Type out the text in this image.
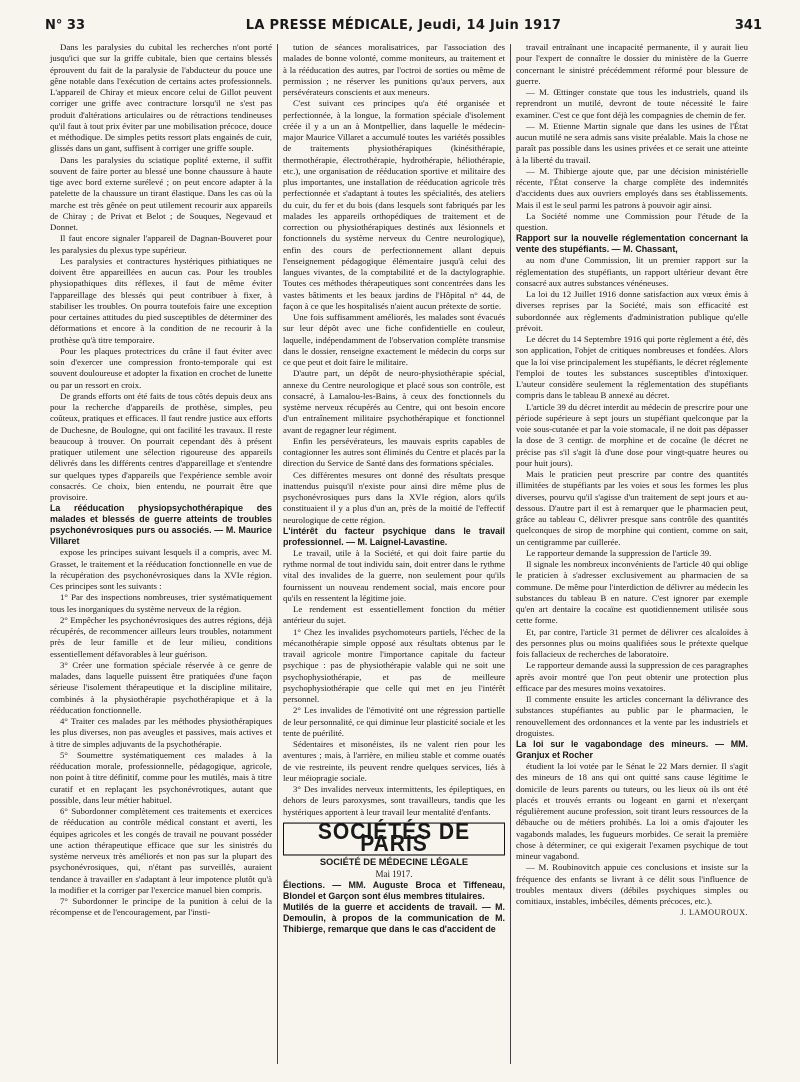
N° 33	LA PRESSE MÉDICALE, Jeudi, 14 Juin 1917	341

Dans les paralysies du cubital les recherches n'ont porté jusqu'ici que sur la griffe cubitale, bien que certains blessés éprouvent du fait de la paralysie de l'abducteur du pouce une gêne notable dans l'exécution de certains actes professionnels. L'appareil de Chiray et mieux encore celui de Gillot peuvent corriger une griffe avec contracture lorsqu'il ne s'est pas produit d'altérations articulaires ou de rétractions tendineuses qu'il faut à tout prix éviter par une mobilisation précoce, douce et méthodique. De simples petits ressort plats engainés de cuir, glissés dans un gant, suffisent à corriger une griffe souple.

Dans les paralysies du sciatique poplité externe, il suffit souvent de faire porter au blessé une bonne chaussure à haute tige avec bord externe surélevé ; on peut encore adapter à la patelette de la chaussure un tirant élastique. Dans les cas où la marche est très gênée on peut utilement recourir aux appareils de Chiray ; de Privat et Belot ; de Souques, Negevaud et Donnet.

Il faut encore signaler l'appareil de Dagnan-Bouveret pour les paralysies du plexus type supérieur.

Les paralysies et contractures hystériques pithiatiques ne doivent être appareillées en aucun cas. Pour les troubles physiopathiques dits réflexes, il faut de même éviter l'appareillage des blessés qui peut contribuer à fixer, à stabiliser les troubles. On pourra toutefois faire une exception pour certaines attitudes du pied susceptibles de déterminer des déformations et encore à la condition de ne recourir à la prothèse qu'à titre temporaire.

Pour les plaques protectrices du crâne il faut éviter avec soin d'exercer une compression fronto-temporale qui est souvent douloureuse et adopter la fixation en crochet de lunette ou par un ressort en croix.

De grands efforts ont été faits de tous côtés depuis deux ans pour la recherche d'appareils de prothèse, simples, peu coûteux, pratiques et efficaces. Il faut rendre justice aux efforts de Duchesne, de Boulogne, qui ont facilité les travaux. Il reste beaucoup à trouver. On pourrait cependant dès à présent pratiquer utilement une sélection rigoureuse des appareils délivrés dans les différents centres d'appareillage et s'entendre sur quelques types d'appareils que l'expérience semble avoir consacrés. Ce choix, bien entendu, ne pourrait être que provisoire.

La rééducation physiopsychothérapique des malades et blessés de guerre atteints de troubles psychonévrosiques purs ou associés. — M. Maurice Villaret

expose les principes suivant lesquels il a compris, avec M. Grasset, le traitement et la rééducation fonctionnelle en vue de la récupération des psychonévrosiques dans la XVIe région. Ces principes sont les suivants :

1° Par des inspections nombreuses, trier systématiquement tous les inorganiques du système nerveux de la région.

2° Empêcher les psychonévrosiques des autres régions, déjà récupérés, de recommencer ailleurs leurs troubles, notamment près de leur famille et de leur milieu, conditions essentiellement défavorables à leur guérison.

3° Créer une formation spéciale réservée à ce genre de malades, dans laquelle puissent être pratiquées d'une façon sérieuse l'isolement thérapeutique et la discipline militaire, combinés à la physiothérapie psychothérapique et à la rééducation fonctionnelle.

4° Traiter ces malades par les méthodes physiothérapiques les plus diverses, non pas aveugles et passives, mais actives et à titre de simples adjuvants de la psychothérapie.

5° Soumettre systématiquement ces malades à la rééducation morale, professionnelle, pédagogique, agricole, non point à titre définitif, comme pour les mutilés, mais à titre curatif et en replaçant les psychonévrotiques, autant que possible, dans leur métier habituel.

6° Subordonner complètement ces traitements et exercices de rééducation au contrôle médical constant et averti, les équipes agricoles et les congés de travail ne pouvant posséder une action thérapeutique efficace que sur les sinistrés du système nerveux très améliorés et non pas sur la plupart des psychonévrosiques, qui, n'étant pas surveillés, auraient tendance à travailler en s'adaptant à leur impotence plutôt qu'à la modifier et la corriger par l'exercice manuel bien compris.

7° Subordonner le principe de la punition à celui de la récompense et de l'encouragement, par l'insti-

tution de séances moralisatrices, par l'association des malades de bonne volonté, comme moniteurs, au traitement et à la rééducation des autres, par l'octroi de sorties ou même de permission ; ne réserver les punitions qu'aux pervers, aux persévérateurs conscients et aux meneurs.

C'est suivant ces principes qu'a été organisée et perfectionnée, à la longue, la formation spéciale d'isolement créée il y a un an à Montpellier, dans laquelle le médecin-major Maurice Villaret a accumulé toutes les variétés possibles de traitements physiothérapiques (kinésithérapie, thermothérapie, électrothérapie, hydrothérapie, héliothérapie, etc.), une organisation de rééducation sportive et militaire des plus importantes, une installation de rééducation agricole très perfectionnée et s'adaptant à toutes les spécialités, des ateliers du cuir, du fer et du bois (dans lesquels sont fabriqués par les malades les appareils orthopédiques de traitement et de correction ou physiothérapiques destinés aux lésionnels et fonctionnels du système nerveux du Centre neurologique), enfin des cours de perfectionnement allant depuis l'enseignement pédagogique élémentaire jusqu'à celui des langues vivantes, de la comptabilité et de la dactylographie. Toutes ces méthodes thérapeutiques sont concentrées dans les vastes bâtiments et les beaux jardins de l'Hôpital n° 44, de façon à ce que les hospitalisés n'aient aucun prétexte de sortie.

Une fois suffisamment améliorés, les malades sont évacués sur leur dépôt avec une fiche confidentielle en couleur, laquelle, indépendamment de l'observation complète transmise dans le dossier, renseigne exactement le médecin du corps sur ce que peut et doit faire le militaire.

D'autre part, un dépôt de neuro-physiothérapie spécial, annexe du Centre neurologique et placé sous son contrôle, est consacré, à Lamalou-les-Bains, à ceux des fonctionnels du système nerveux récupérés au Centre, qui ont besoin encore d'un entraînement militaire psychothérapique et fonctionnel avant de regagner leur régiment.

Enfin les persévérateurs, les mauvais esprits capables de contagionner les autres sont éliminés du Centre et placés par la direction du Service de Santé dans des formations spéciales.

Ces différentes mesures ont donné des résultats presque inattendus puisqu'il n'existe pour ainsi dire même plus de psychonévrosiques purs dans la XVIe région, alors qu'ils constituaient il y a plus d'un an, près de la moitié de l'effectif neurologique de cette région.

L'intérêt du facteur psychique dans le travail professionnel. — M. Laignel-Lavastine.

Le travail, utile à la Société, et qui doit faire partie du rythme normal de tout individu sain, doit entrer dans le rythme vital des invalides de la guerre, non seulement pour qu'ils fournissent un nouveau rendement social, mais encore pour qu'ils en ressentent la légitime joie.

Le rendement est essentiellement fonction du métier antérieur du sujet.

1° Chez les invalides psychomoteurs partiels, l'échec de la mécanothérapie simple opposé aux résultats obtenus par le travail agricole montre l'importance capitale du facteur psychique : pas de physiothérapie valable qui ne soit une psychophysiothérapie, et pas de meilleure psychophysiothérapie que celle qui met en jeu l'intérêt personnel.

2° Les invalides de l'émotivité ont une régression partielle de leur personnalité, ce qui diminue leur plasticité sociale et les tente de puérilité.

Sédentaires et misonéistes, ils ne valent rien pour les aventures ; mais, à l'arrière, en milieu stable et comme ouatés de vie restreinte, ils peuvent rendre quelques services, liés à leur méiopragie sociale.

3° Des invalides nerveux intermittents, les épileptiques, en dehors de leurs paroxysmes, sont travailleurs, tandis que les hystériques apportent à leur travail leur mentalité d'enfants.

SOCIÉTÉS DE PARIS

SOCIÉTÉ DE MÉDECINE LÉGALE

Mai 1917.

Élections. — MM. Auguste Broca et Tiffeneau, Blondel et Garçon sont élus membres titulaires.

Mutilés de la guerre et accidents de travail. — M. Demoulin, à propos de la communication de M. Thibierge, remarque que dans le cas d'accident de

travail entraînant une incapacité permanente, il y aurait lieu pour l'expert de connaître le dossier du ministère de la Guerre concernant le sinistré précédemment réformé pour blessure de guerre.

— M. Œttinger constate que tous les industriels, quand ils reprendront un mutilé, devront de toute nécessité le faire examiner. C'est ce que font déjà les compagnies de chemin de fer.

— M. Etienne Martin signale que dans les usines de l'État aucun mutilé ne sera admis sans visite préalable. Mais la chose ne paraît pas possible dans les usines privées et ce serait une atteinte à la liberté du travail.

— M. Thibierge ajoute que, par une décision ministérielle récente, l'État conserve la charge complète des indemnités d'accidents dues aux ouvriers employés dans ses établissements. Mais il est le seul parmi les patrons à pouvoir agir ainsi.

La Société nomme une Commission pour l'étude de la question.

Rapport sur la nouvelle réglementation concernant la vente des stupéfiants. — M. Chassant,

au nom d'une Commission, lit un premier rapport sur la réglementation des stupéfiants, un rapport ultérieur devant être consacré aux autres substances vénéneuses.

La loi du 12 Juillet 1916 donne satisfaction aux vœux émis à diverses reprises par la Société, mais son efficacité est subordonnée aux règlements d'administration publique qu'elle prévoit.

Le décret du 14 Septembre 1916 qui porte règlement a été, dès son application, l'objet de critiques nombreuses et fondées. Alors que la loi vise principalement les stupéfiants, le décret réglemente l'emploi de toutes les substances susceptibles d'intoxiquer. L'auteur considère seulement la réglementation des stupéfiants compris dans le tableau B annexé au décret.

L'article 39 du décret interdit au médecin de prescrire pour une période supérieure à sept jours un stupéfiant quelconque par la voie sous-cutanée et par la voie stomacale, il ne doit pas dépasser la dose de 3 centigr. de morphine et de cocaïne (le décret ne précise pas s'il s'agit là d'une dose pour vingt-quatre heures ou pour huit jours).

Mais le praticien peut prescrire par contre des quantités illimitées de stupéfiants par les voies et sous les formes les plus diverses, pourvu qu'il s'agisse d'un traitement de sept jours et au-dessous. D'autre part il est à remarquer que le pharmacien peut, grâce au tableau C, délivrer presque sans contrôle des quantités quelconques de sirop de morphine qui contient, comme on sait, un centigramme par cuillerée.

Le rapporteur demande la suppression de l'article 39.

Il signale les nombreux inconvénients de l'article 40 qui oblige le praticien à s'adresser exclusivement au pharmacien de sa commune. De même pour l'interdiction de délivrer au médecin les substances du tableau B en nature. C'est ignorer par exemple qu'en art dentaire la cocaïne est quotidiennement utilisée sous cette forme.

Et, par contre, l'article 31 permet de délivrer ces alcaloïdes à des personnes plus ou moins qualifiées sous le prétexte quelque fois fallacieux de recherches de laboratoire.

Le rapporteur demande aussi la suppression de ces paragraphes après avoir montré que l'on peut obtenir une protection plus efficace par des mesures moins vexatoires.

Il commente ensuite les articles concernant la délivrance des substances stupéfiantes au public par le pharmacien, le renouvellement des ordonnances et la vente par les industriels et droguistes.

La loi sur le vagabondage des mineurs. — MM. Granjux et Rocher

étudient la loi votée par le Sénat le 22 Mars dernier. Il s'agit des mineurs de 18 ans qui ont quitté sans cause légitime le domicile de leurs parents ou tuteurs, ou les lieux où ils ont été placés et trouvés errants ou logeant en garni et n'exerçant régulièrement aucune profession, soit tirant leurs ressources de la débauche ou de métiers prohibés. La loi a omis d'ajouter les vagabonds malades, les fugueurs morbides. Ce serait la première chose à déterminer, ce qui exigerait l'examen psychique de tout mineur vagabond.

— M. Roubinovitch appuie ces conclusions et insiste sur la fréquence des enfants se livrant à ce délit sous l'influence de troubles mentaux divers (débiles psychiques simples ou comitiaux, instables, imbéciles, déments précoces, etc.).

J. LAMOUROUX.
